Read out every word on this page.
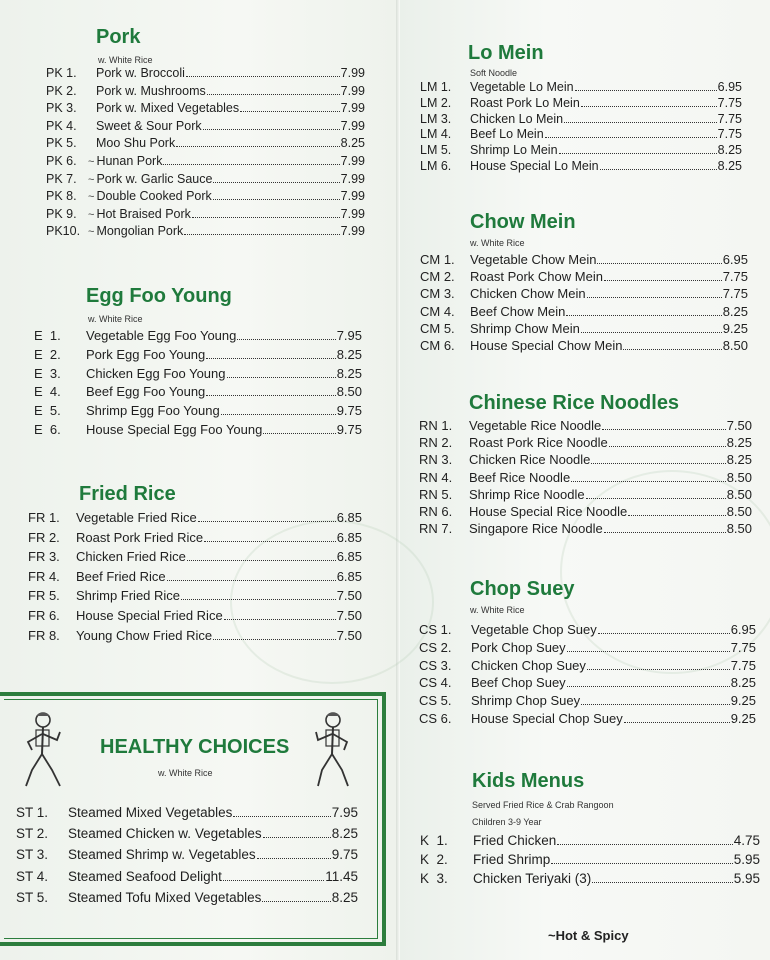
Pork
w. White Rice
Egg Foo Young
w. White Rice
Fried Rice
HEALTHY CHOICES
w. White Rice
Lo Mein
Soft Noodle
Chow Mein
w. White Rice
Chinese Rice Noodles
Chop Suey
w. White Rice
Kids Menus
Served Fried Rice & Crab Rangoon
Children 3-9 Year
~Hot & Spicy
PK 1.	Pork w. Broccoli	7.99
PK 2.	Pork w. Mushrooms	7.99
PK 3.	Pork w. Mixed Vegetables	7.99
PK 4.	Sweet & Sour Pork	7.99
PK 5.	Moo Shu Pork	8.25
PK 6.	~ Hunan Pork	7.99
PK 7.	~ Pork w. Garlic Sauce	7.99
PK 8.	~ Double Cooked Pork	7.99
PK 9.	~ Hot Braised Pork	7.99
PK10. ~ Mongolian Pork	7.99
E  1.	Vegetable Egg Foo Young	7.95
E  2.	Pork Egg Foo Young	8.25
E  3.	Chicken Egg Foo Young	8.25
E  4.	Beef Egg Foo Young	8.50
E  5.	Shrimp Egg Foo Young	9.75
E  6.	House Special Egg Foo Young	9.75
FR 1.	Vegetable Fried Rice	6.85
FR 2.	Roast Pork Fried Rice	6.85
FR 3.	Chicken Fried Rice	6.85
FR 4.	Beef Fried Rice	6.85
FR 5.	Shrimp Fried Rice	7.50
FR 6.	House Special Fried Rice	7.50
FR 8.	Young Chow Fried Rice	7.50
ST 1.	Steamed Mixed Vegetables	7.95
ST 2.	Steamed Chicken w. Vegetables	8.25
ST 3.	Steamed Shrimp w. Vegetables	9.75
ST 4.	Steamed Seafood Delight	11.45
ST 5.	Steamed Tofu Mixed Vegetables	8.25
LM 1.	Vegetable Lo Mein	6.95
LM 2.	Roast Pork Lo Mein	7.75
LM 3.	Chicken Lo Mein	7.75
LM 4.	Beef Lo Mein	7.75
LM 5.	Shrimp Lo Mein	8.25
LM 6.	House Special Lo Mein	8.25
CM 1.	Vegetable Chow Mein	6.95
CM 2.	Roast Pork Chow Mein	7.75
CM 3.	Chicken Chow Mein	7.75
CM 4.	Beef Chow Mein	8.25
CM 5.	Shrimp Chow Mein	9.25
CM 6.	House Special Chow Mein	8.50
RN 1.	Vegetable Rice Noodle	7.50
RN 2.	Roast Pork Rice Noodle	8.25
RN 3.	Chicken Rice Noodle	8.25
RN 4.	Beef Rice Noodle	8.50
RN 5.	Shrimp Rice Noodle	8.50
RN 6.	House Special Rice Noodle	8.50
RN 7.	Singapore Rice Noodle	8.50
CS 1.	Vegetable Chop Suey	6.95
CS 2.	Pork Chop Suey	7.75
CS 3.	Chicken Chop Suey	7.75
CS 4.	Beef Chop Suey	8.25
CS 5.	Shrimp Chop Suey	9.25
CS 6.	House Special Chop Suey	9.25
K  1.	Fried Chicken	4.75
K  2.	Fried Shrimp	5.95
K  3.	Chicken Teriyaki (3)	5.95
